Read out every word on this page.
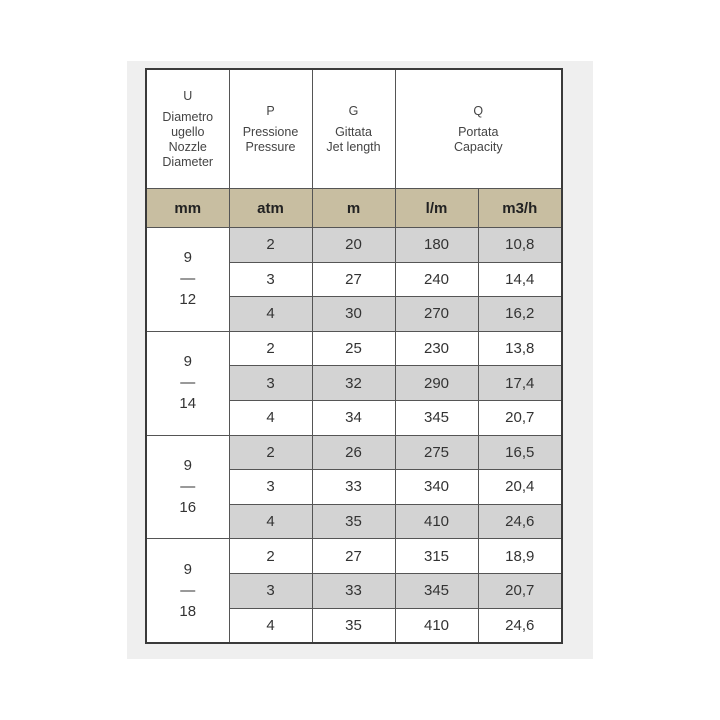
U
Diametro
ugello
Nozzle
Diameter	P
Pressione
Pressure	G
Gittata
Jet length	Q
Portata
Capacity	

mm	atm	m	l/m	m3/h

9
—
12	2	20	180	10,8
	3	27	240	14,4
	4	30	270	16,2

9
—
14	2	25	230	13,8
	3	32	290	17,4
	4	34	345	20,7

9
—
16	2	26	275	16,5
	3	33	340	20,4
	4	35	410	24,6

9
—
18	2	27	315	18,9
	3	33	345	20,7
	4	35	410	24,6
